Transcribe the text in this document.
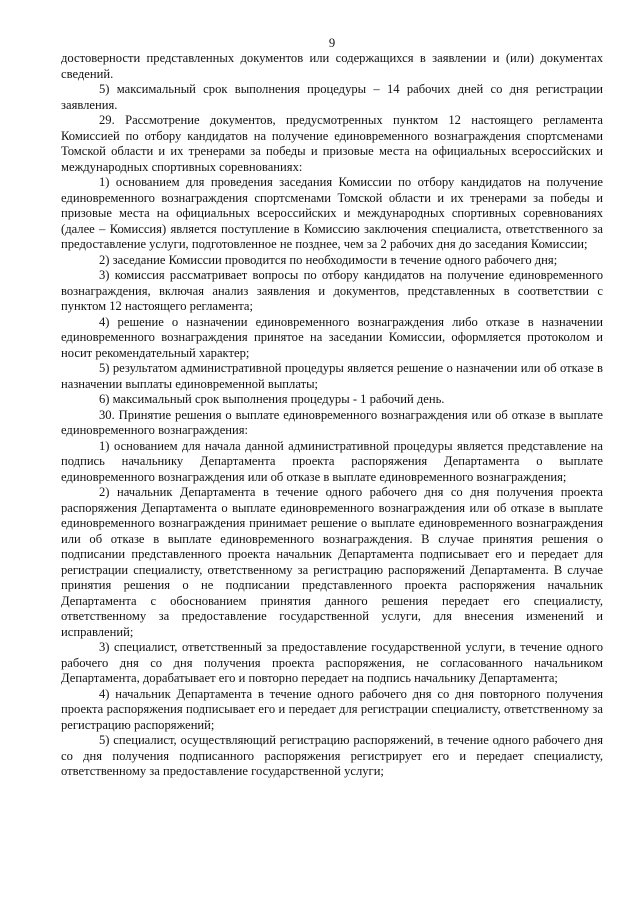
9

достоверности представленных документов или содержащихся в заявлении и (или) документах сведений.

5) максимальный срок выполнения процедуры – 14 рабочих дней со дня регистрации заявления.

29. Рассмотрение документов, предусмотренных пунктом 12 настоящего регламента Комиссией по отбору кандидатов на получение единовременного вознаграждения спортсменами Томской области и их тренерами за победы и призовые места на официальных всероссийских и международных спортивных соревнованиях:

1) основанием для проведения заседания Комиссии по отбору кандидатов на получение единовременного вознаграждения спортсменами Томской области и их тренерами за победы и призовые места на официальных всероссийских и международных спортивных соревнованиях (далее – Комиссия) является поступление в Комиссию заключения специалиста, ответственного за предоставление услуги, подготовленное не позднее, чем за 2 рабочих дня до заседания Комиссии;

2) заседание Комиссии проводится по необходимости в течение одного рабочего дня;

3) комиссия рассматривает вопросы по отбору кандидатов на получение единовременного вознаграждения, включая анализ заявления и документов, представленных в соответствии с пунктом 12 настоящего регламента;

4) решение о назначении единовременного вознаграждения либо отказе в назначении единовременного вознаграждения принятое на заседании Комиссии, оформляется протоколом и носит рекомендательный характер;

5) результатом административной процедуры является решение о назначении или об отказе в назначении выплаты единовременной выплаты;

6) максимальный срок выполнения процедуры - 1 рабочий день.

30. Принятие решения о выплате единовременного вознаграждения или об отказе в выплате единовременного вознаграждения:

1) основанием для начала данной административной процедуры является представление на подпись начальнику Департамента проекта распоряжения Департамента о выплате единовременного вознаграждения или об отказе в выплате единовременного вознаграждения;

2) начальник Департамента в течение одного рабочего дня со дня получения проекта распоряжения Департамента о выплате единовременного вознаграждения или об отказе в выплате единовременного вознаграждения принимает решение о выплате единовременного вознаграждения или об отказе в выплате единовременного вознаграждения. В случае принятия решения о подписании представленного проекта начальник Департамента подписывает его и передает для регистрации специалисту, ответственному за регистрацию распоряжений Департамента. В случае принятия решения о не подписании представленного проекта распоряжения начальник Департамента с обоснованием принятия данного решения передает его специалисту, ответственному за предоставление государственной услуги, для внесения изменений и исправлений;

3) специалист, ответственный за предоставление государственной услуги, в течение одного рабочего дня со дня получения проекта распоряжения, не согласованного начальником Департамента, дорабатывает его и повторно передает на подпись начальнику Департамента;

4) начальник Департамента в течение одного рабочего дня со дня повторного получения проекта распоряжения подписывает его и передает для регистрации специалисту, ответственному за регистрацию распоряжений;

5) специалист, осуществляющий регистрацию распоряжений, в течение одного рабочего дня со дня получения подписанного распоряжения регистрирует его и передает специалисту, ответственному за предоставление государственной услуги;
